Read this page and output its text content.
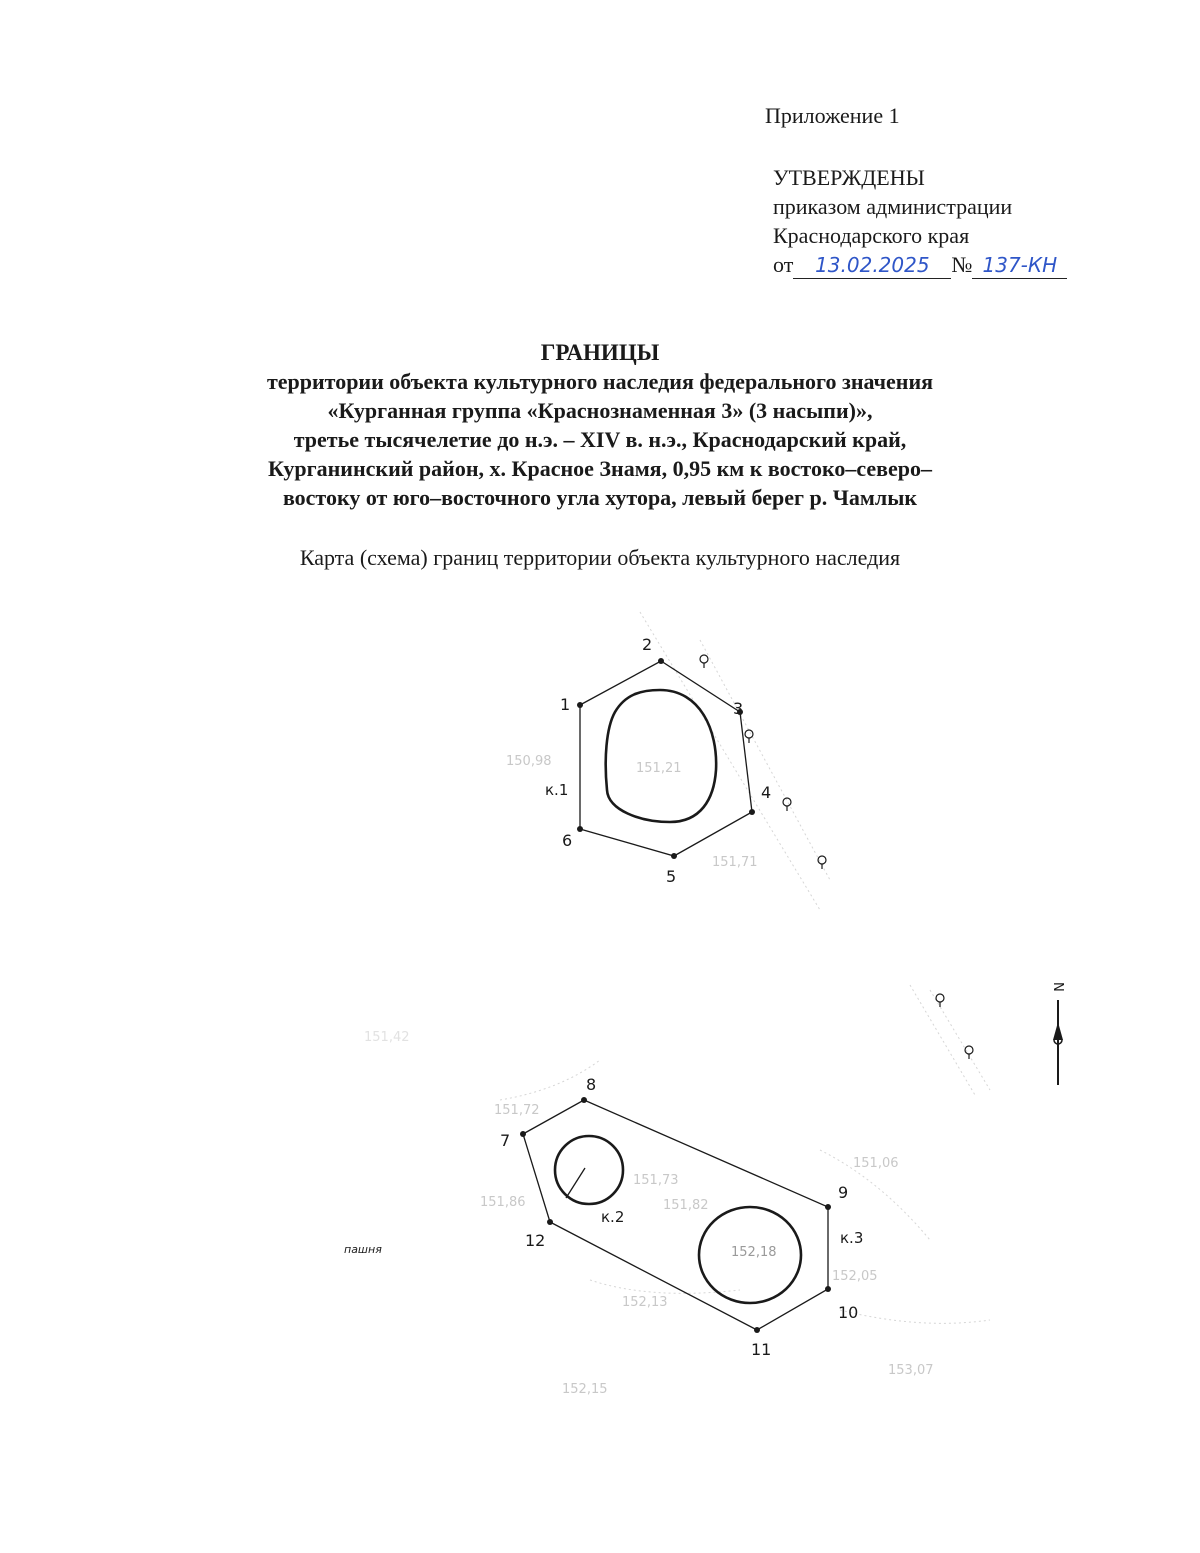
Приложение 1
УТВЕРЖДЕНЫ
приказом администрации
Краснодарского края
от 13.02.2025 № 137-КН
ГРАНИЦЫ
территории объекта культурного наследия федерального значения
«Курганная группа «Краснознаменная 3» (3 насыпи)»,
третье тысячелетие до н.э. – XIV в. н.э., Краснодарский край,
Курганинский район, х. Красное Знамя, 0,95 км к востоко–северо–
востоку от юго–восточного угла хутора, левый берег р. Чамлык
Карта (схема) границ территории объекта культурного наследия
1
2
3
4
5
6
7
8
9
10
11
12
к.1
к.2
к.3
150,98	151,21
151,71
151,72
151,73
151,86	151,82
151,06
152,18
152,05
152,13
153,07
152,15
151,42
пашня
N
